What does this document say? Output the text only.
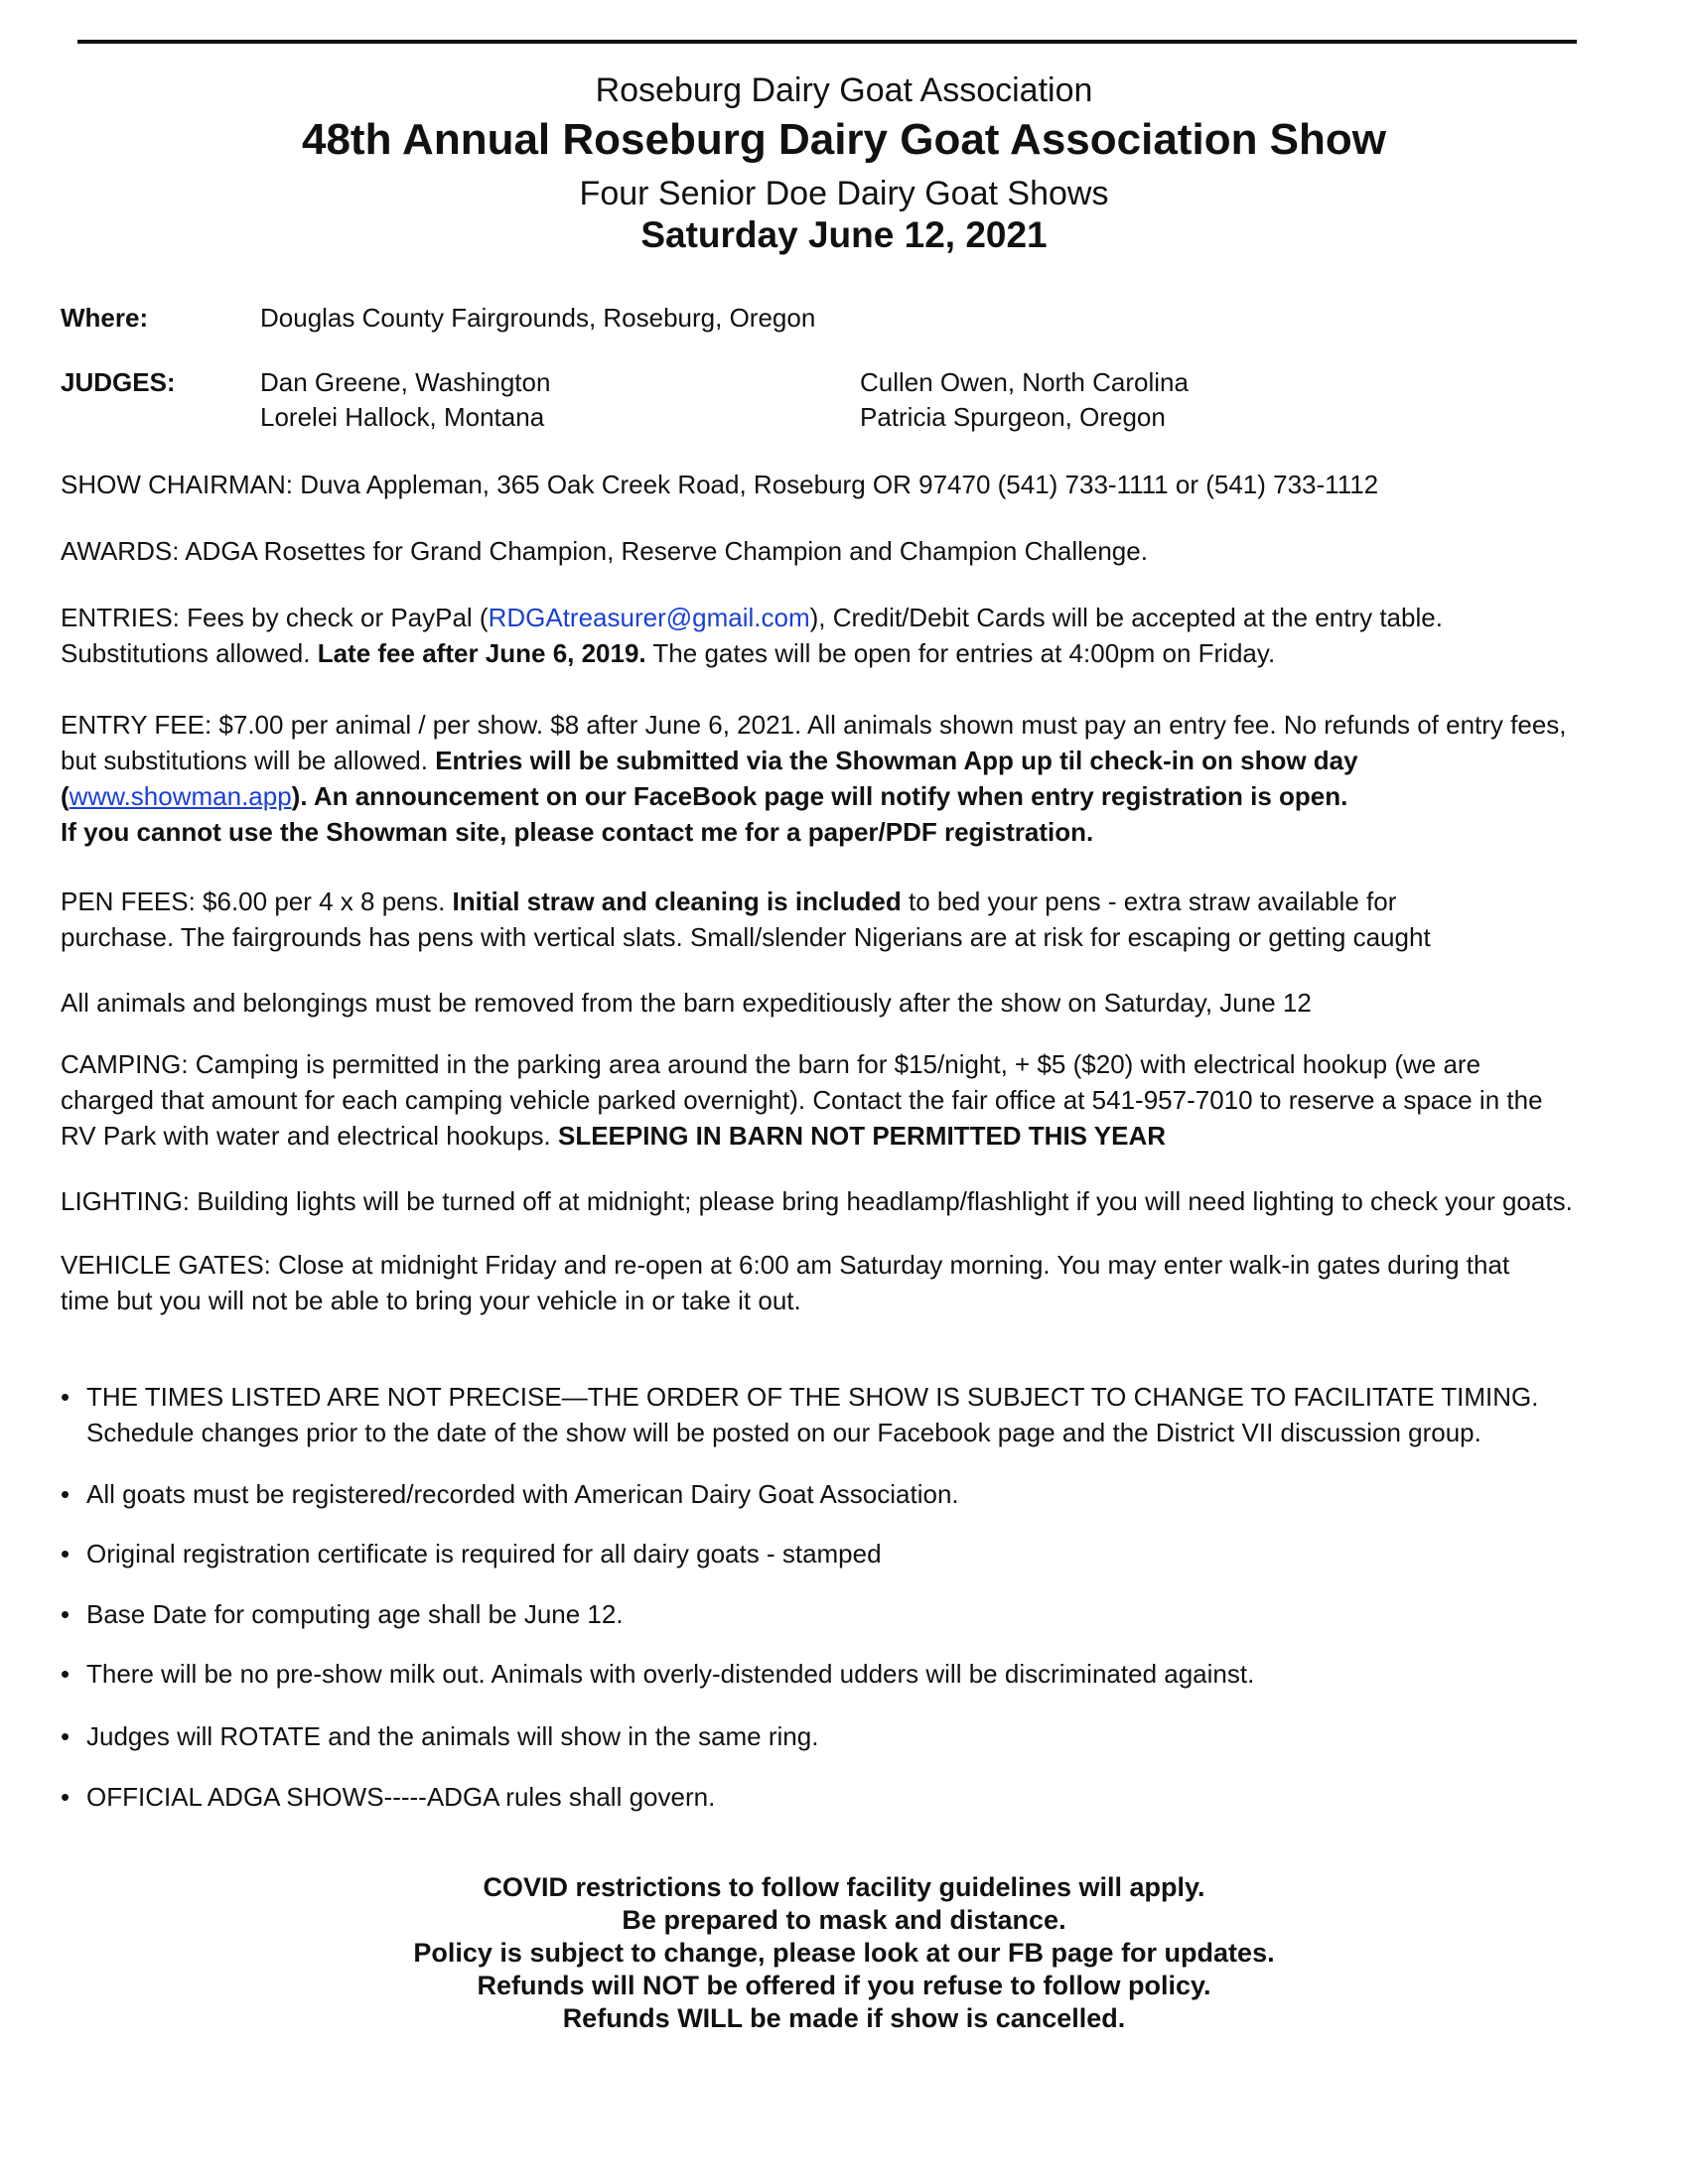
Roseburg Dairy Goat Association
48th Annual Roseburg Dairy Goat Association Show
Four Senior Doe Dairy Goat Shows
Saturday June 12, 2021
Where:	Douglas County Fairgrounds, Roseburg, Oregon
JUDGES:	Dan Greene, Washington
Lorelei Hallock, Montana
Cullen Owen, North Carolina
Patricia Spurgeon, Oregon
SHOW CHAIRMAN: Duva Appleman, 365 Oak Creek Road, Roseburg OR 97470 (541) 733-1111 or (541) 733-1112
AWARDS: ADGA Rosettes for Grand Champion, Reserve Champion and Champion Challenge.
ENTRIES: Fees by check or PayPal (RDGAtreasurer@gmail.com), Credit/Debit Cards will be accepted at the entry table.
Substitutions allowed. Late fee after June 6, 2019. The gates will be open for entries at 4:00pm on Friday.
ENTRY FEE: $7.00 per animal / per show. $8 after June 6, 2021. All animals shown must pay an entry fee. No refunds of entry fees,
but substitutions will be allowed. Entries will be submitted via the Showman App up til check-in on show day
(www.showman.app). An announcement on our FaceBook page will notify when entry registration is open.
If you cannot use the Showman site, please contact me for a paper/PDF registration.
PEN FEES: $6.00 per 4 x 8 pens. Initial straw and cleaning is included to bed your pens - extra straw available for
purchase. The fairgrounds has pens with vertical slats. Small/slender Nigerians are at risk for escaping or getting caught
All animals and belongings must be removed from the barn expeditiously after the show on Saturday, June 12
CAMPING: Camping is permitted in the parking area around the barn for $15/night, + $5 ($20) with electrical hookup (we are
charged that amount for each camping vehicle parked overnight). Contact the fair office at 541-957-7010 to reserve a space in the
RV Park with water and electrical hookups. SLEEPING IN BARN NOT PERMITTED THIS YEAR
LIGHTING: Building lights will be turned off at midnight; please bring headlamp/flashlight if you will need lighting to check your goats.
VEHICLE GATES: Close at midnight Friday and re-open at 6:00 am Saturday morning. You may enter walk-in gates during that
time but you will not be able to bring your vehicle in or take it out.
• THE TIMES LISTED ARE NOT PRECISE—THE ORDER OF THE SHOW IS SUBJECT TO CHANGE TO FACILITATE TIMING.
Schedule changes prior to the date of the show will be posted on our Facebook page and the District VII discussion group.
• All goats must be registered/recorded with American Dairy Goat Association.
• Original registration certificate is required for all dairy goats - stamped
• Base Date for computing age shall be June 12.
• There will be no pre-show milk out. Animals with overly-distended udders will be discriminated against.
• Judges will ROTATE and the animals will show in the same ring.
• OFFICIAL ADGA SHOWS-----ADGA rules shall govern.
COVID restrictions to follow facility guidelines will apply.
Be prepared to mask and distance.
Policy is subject to change, please look at our FB page for updates.
Refunds will NOT be offered if you refuse to follow policy.
Refunds WILL be made if show is cancelled.
